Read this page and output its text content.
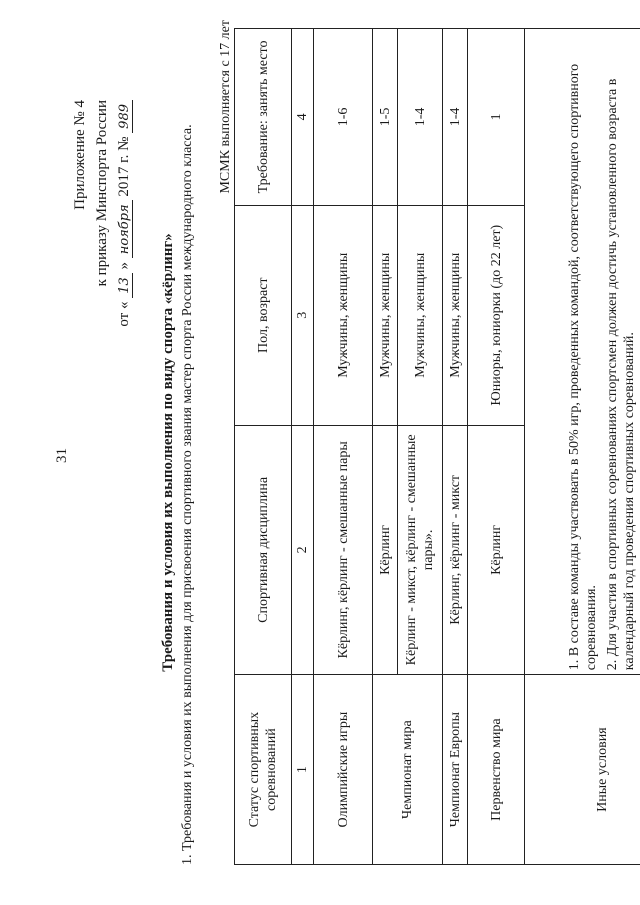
31
Приложение № 4 к приказу Минспорта России
от « 13 » ноября 2017 г. № 989
Требования и условия их выполнения по виду спорта «кёрлинг» 1. Требования и условия их выполнения для присвоения спортивного звания мастер спорта России международного класса.
МСМК выполняется с 17 лет
Статус спортивных соревнований	Спортивная дисциплина	Пол, возраст	Требование: занять место
1	2	3	4
Олимпийские игры	Кёрлинг, кёрлинг - смешанные пары	Мужчины, женщины	1-6
Чемпионат мира	Кёрлинг	Мужчины, женщины	1-5
	Кёрлинг - микст, кёрлинг - смешанные пары».	Мужчины, женщины	1-4
Чемпионат Европы	Кёрлинг, кёрлинг - микст	Мужчины, женщины	1-4
Первенство мира	Кёрлинг	Юниоры, юниорки (до 22 лет)	1
Иные условия	1. В составе команды участвовать в 50% игр, проведенных командой, соответствующего спортивного соревнования. 2. Для участия в спортивных соревнованиях спортсмен должен достичь установленного возраста в календарный год проведения спортивных соревнований.		
